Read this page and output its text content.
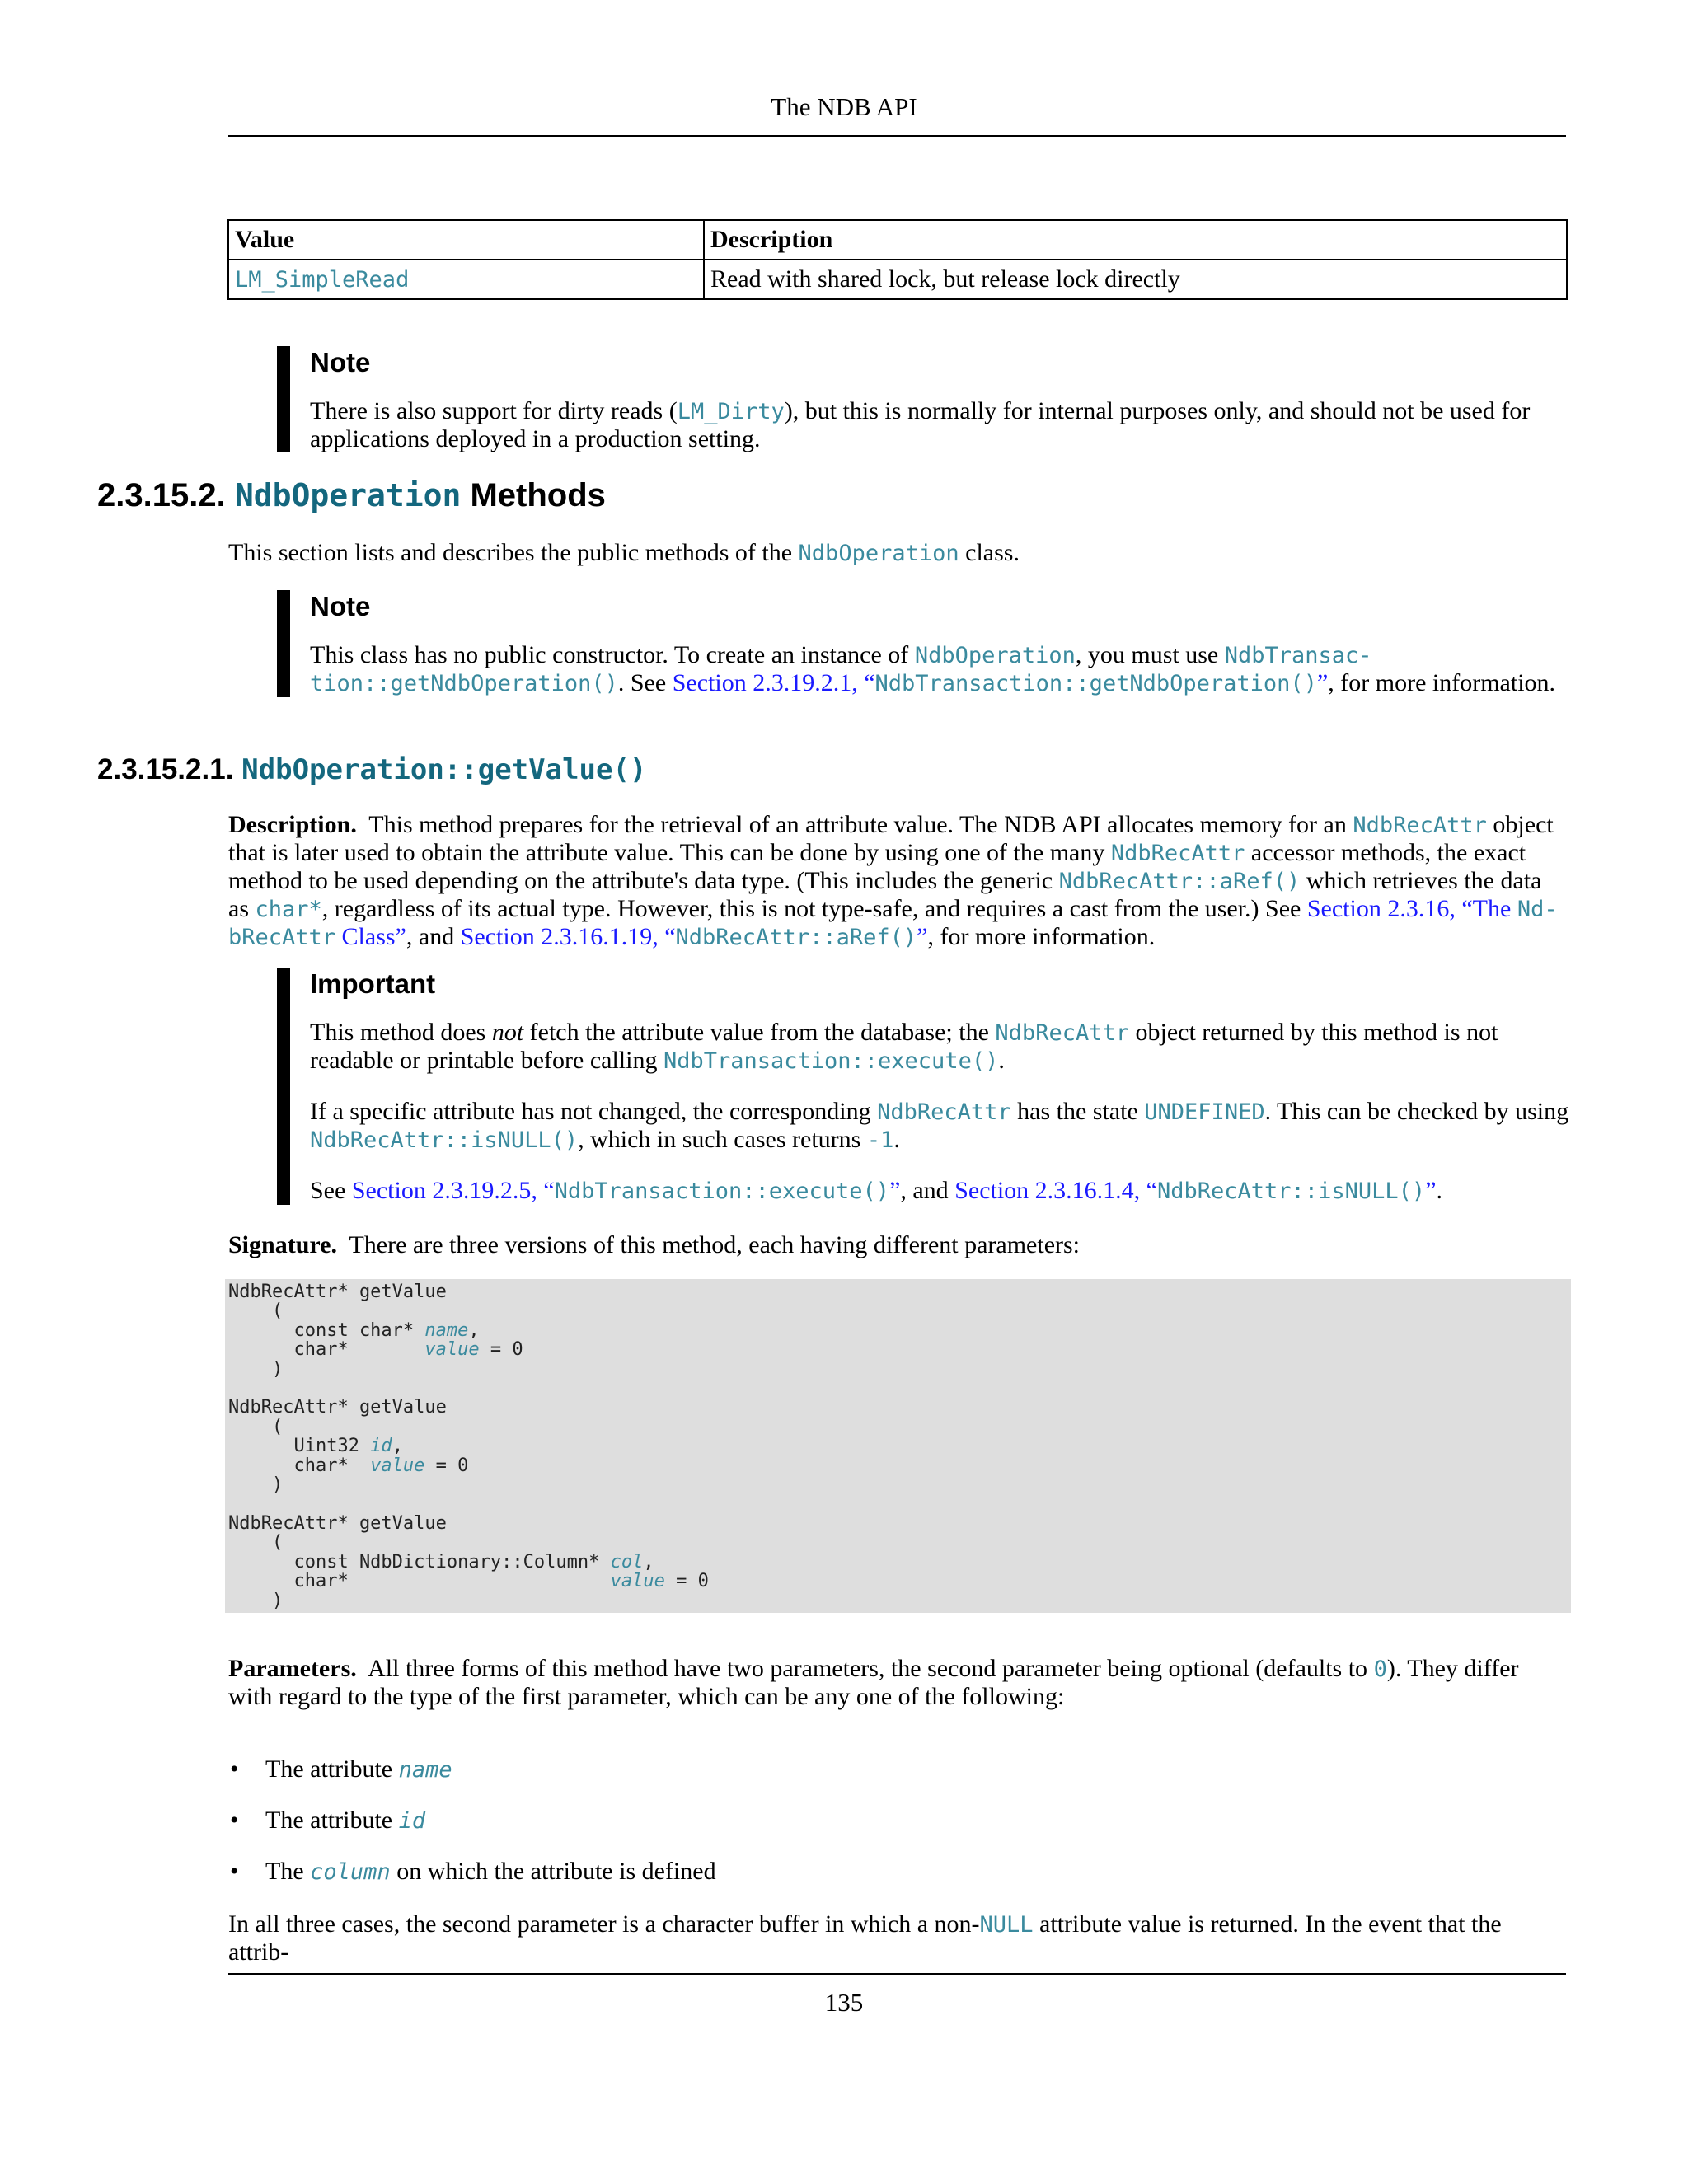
The NDB API
Value	Description
LM_SimpleRead	Read with shared lock, but release lock directly
Note

There is also support for dirty reads (LM_Dirty), but this is normally for internal purposes only, and should not be used for applications deployed in a production setting.

2.3.15.2. NdbOperation Methods

This section lists and describes the public methods of the NdbOperation class.

Note

This class has no public constructor. To create an instance of NdbOperation, you must use NdbTransac- tion::getNdbOperation(). See Section 2.3.19.2.1, “NdbTransaction::getNdbOperation()”, for more information.

2.3.15.2.1. NdbOperation::getValue()

Description. This method prepares for the retrieval of an attribute value. The NDB API allocates memory for an NdbRecAttr object that is later used to obtain the attribute value. This can be done by using one of the many NdbRecAttr accessor methods, the exact method to be used depending on the attribute's data type. (This includes the generic NdbRecAttr::aRef() which retrieves the data as char*, regardless of its actual type. However, this is not type-safe, and requires a cast from the user.) See Section 2.3.16, “The Nd- bRecAttr Class”, and Section 2.3.16.1.19, “NdbRecAttr::aRef()”, for more information.

Important

This method does not fetch the attribute value from the database; the NdbRecAttr object returned by this method is not readable or printable before calling NdbTransaction::execute().

If a specific attribute has not changed, the corresponding NdbRecAttr has the state UNDEFINED. This can be checked by using NdbRecAttr::isNULL(), which in such cases returns -1.

See Section 2.3.19.2.5, “NdbTransaction::execute()”, and Section 2.3.16.1.4, “NdbRecAttr::isNULL()”.

Signature. There are three versions of this method, each having different parameters:

NdbRecAttr* getValue
(
const char* name,
char*       value = 0
)

NdbRecAttr* getValue
(
Uint32 id,
char*  value = 0
)

NdbRecAttr* getValue
(
const NdbDictionary::Column* col,
char*                        value = 0
)

Parameters. All three forms of this method have two parameters, the second parameter being optional (defaults to 0). They differ with regard to the type of the first parameter, which can be any one of the following:

• The attribute name
• The attribute id
• The column on which the attribute is defined

In all three cases, the second parameter is a character buffer in which a non-NULL attribute value is returned. In the event that the attrib-

135
